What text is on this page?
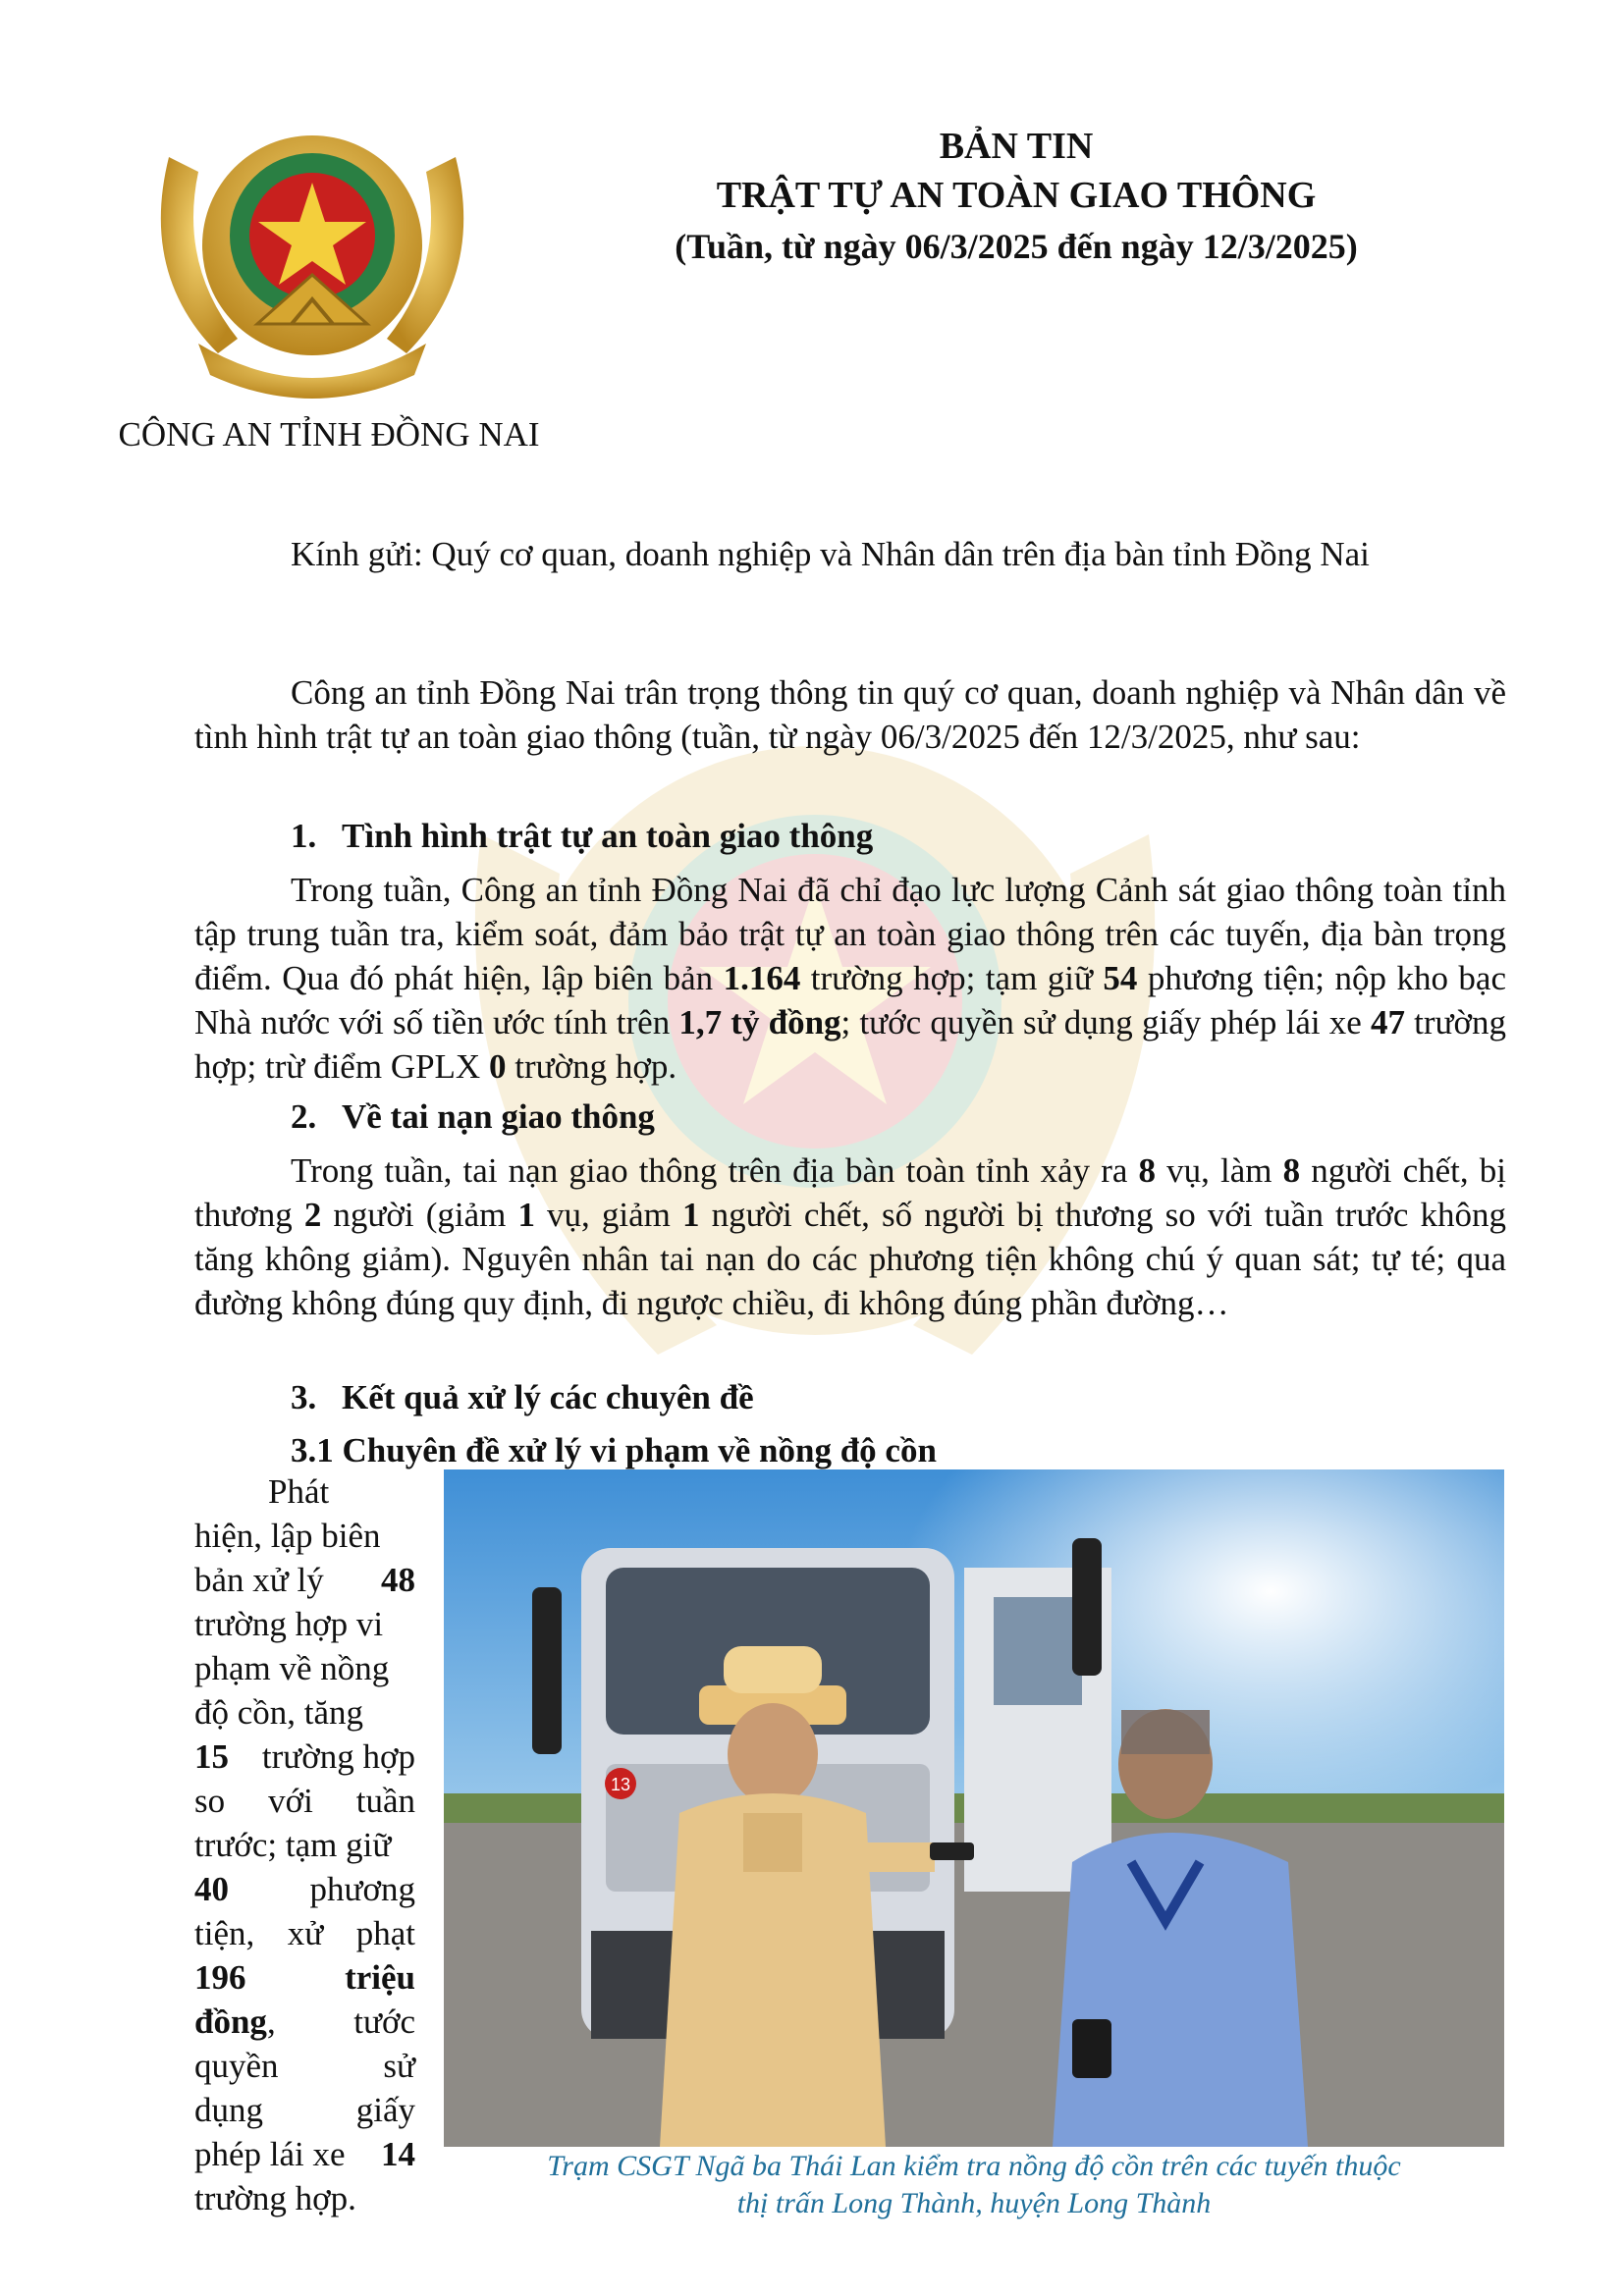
CÔNG AN TỈNH ĐỒNG NAI
BẢN TIN
TRẬT TỰ AN TOÀN GIAO THÔNG
(Tuần, từ ngày 06/3/2025 đến ngày 12/3/2025)
Kính gửi: Quý cơ quan, doanh nghiệp và Nhân dân trên địa bàn tỉnh Đồng Nai
Công an tỉnh Đồng Nai trân trọng thông tin quý cơ quan, doanh nghiệp và Nhân dân về tình hình trật tự an toàn giao thông (tuần, từ ngày 06/3/2025 đến 12/3/2025, như sau:
1. Tình hình trật tự an toàn giao thông
Trong tuần, Công an tỉnh Đồng Nai đã chỉ đạo lực lượng Cảnh sát giao thông toàn tỉnh tập trung tuần tra, kiểm soát, đảm bảo trật tự an toàn giao thông trên các tuyến, địa bàn trọng điểm. Qua đó phát hiện, lập biên bản 1.164 trường hợp; tạm giữ 54 phương tiện; nộp kho bạc Nhà nước với số tiền ước tính trên 1,7 tỷ đồng; tước quyền sử dụng giấy phép lái xe 47 trường hợp; trừ điểm GPLX 0 trường hợp.
2. Về tai nạn giao thông
Trong tuần, tai nạn giao thông trên địa bàn toàn tỉnh xảy ra 8 vụ, làm 8 người chết, bị thương 2 người (giảm 1 vụ, giảm 1 người chết, số người bị thương so với tuần trước không tăng không giảm). Nguyên nhân tai nạn do các phương tiện không chú ý quan sát; tự té; qua đường không đúng quy định, đi ngược chiều, đi không đúng phần đường…
3. Kết quả xử lý các chuyên đề
3.1 Chuyên đề xử lý vi phạm về nồng độ cồn
Phát
hiện, lập biên
bản xử lý 48
trường hợp vi
phạm về nồng
độ cồn, tăng
15 trường hợp
so với tuần
trước; tạm giữ
40 phương
tiện, xử phạt
196	triệu
đồng, tước
quyền	sử
dụng	giấy
phép lái xe 14
trường hợp.
13
Trạm CSGT Ngã ba Thái Lan kiểm tra nồng độ cồn trên các tuyến thuộc
thị trấn Long Thành, huyện Long Thành
